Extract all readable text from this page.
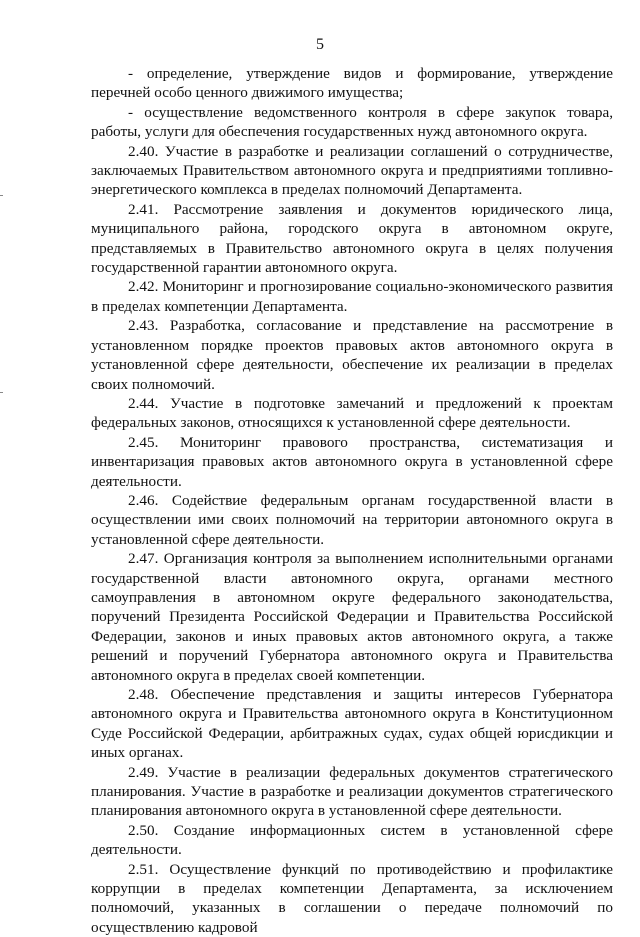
5

- определение, утверждение видов и формирование, утверждение перечней особо ценного движимого имущества;

- осуществление ведомственного контроля в сфере закупок товара, работы, услуги для обеспечения государственных нужд автономного округа.

2.40. Участие в разработке и реализации соглашений о сотрудничестве, заключаемых Правительством автономного округа и предприятиями топливно-энергетического комплекса в пределах полномочий Департамента.

2.41. Рассмотрение заявления и документов юридического лица, муниципального района, городского округа в автономном округе, представляемых в Правительство автономного округа в целях получения государственной гарантии автономного округа.

2.42. Мониторинг и прогнозирование социально-экономического развития в пределах компетенции Департамента.

2.43. Разработка, согласование и представление на рассмотрение в установленном порядке проектов правовых актов автономного округа в установленной сфере деятельности, обеспечение их реализации в пределах своих полномочий.

2.44. Участие в подготовке замечаний и предложений к проектам федеральных законов, относящихся к установленной сфере деятельности.

2.45. Мониторинг правового пространства, систематизация и инвентаризация правовых актов автономного округа в установленной сфере деятельности.

2.46. Содействие федеральным органам государственной власти в осуществлении ими своих полномочий на территории автономного округа в установленной сфере деятельности.

2.47. Организация контроля за выполнением исполнительными органами государственной власти автономного округа, органами местного самоуправления в автономном округе федерального законодательства, поручений Президента Российской Федерации и Правительства Российской Федерации, законов и иных правовых актов автономного округа, а также решений и поручений Губернатора автономного округа и Правительства автономного округа в пределах своей компетенции.

2.48. Обеспечение представления и защиты интересов Губернатора автономного округа и Правительства автономного округа в Конституционном Суде Российской Федерации, арбитражных судах, судах общей юрисдикции и иных органах.

2.49. Участие в реализации федеральных документов стратегического планирования. Участие в разработке и реализации документов стратегического планирования автономного округа в установленной сфере деятельности.

2.50. Создание информационных систем в установленной сфере деятельности.

2.51. Осуществление функций по противодействию и профилактике коррупции в пределах компетенции Департамента, за исключением полномочий, указанных в соглашении о передаче полномочий по осуществлению кадровой
